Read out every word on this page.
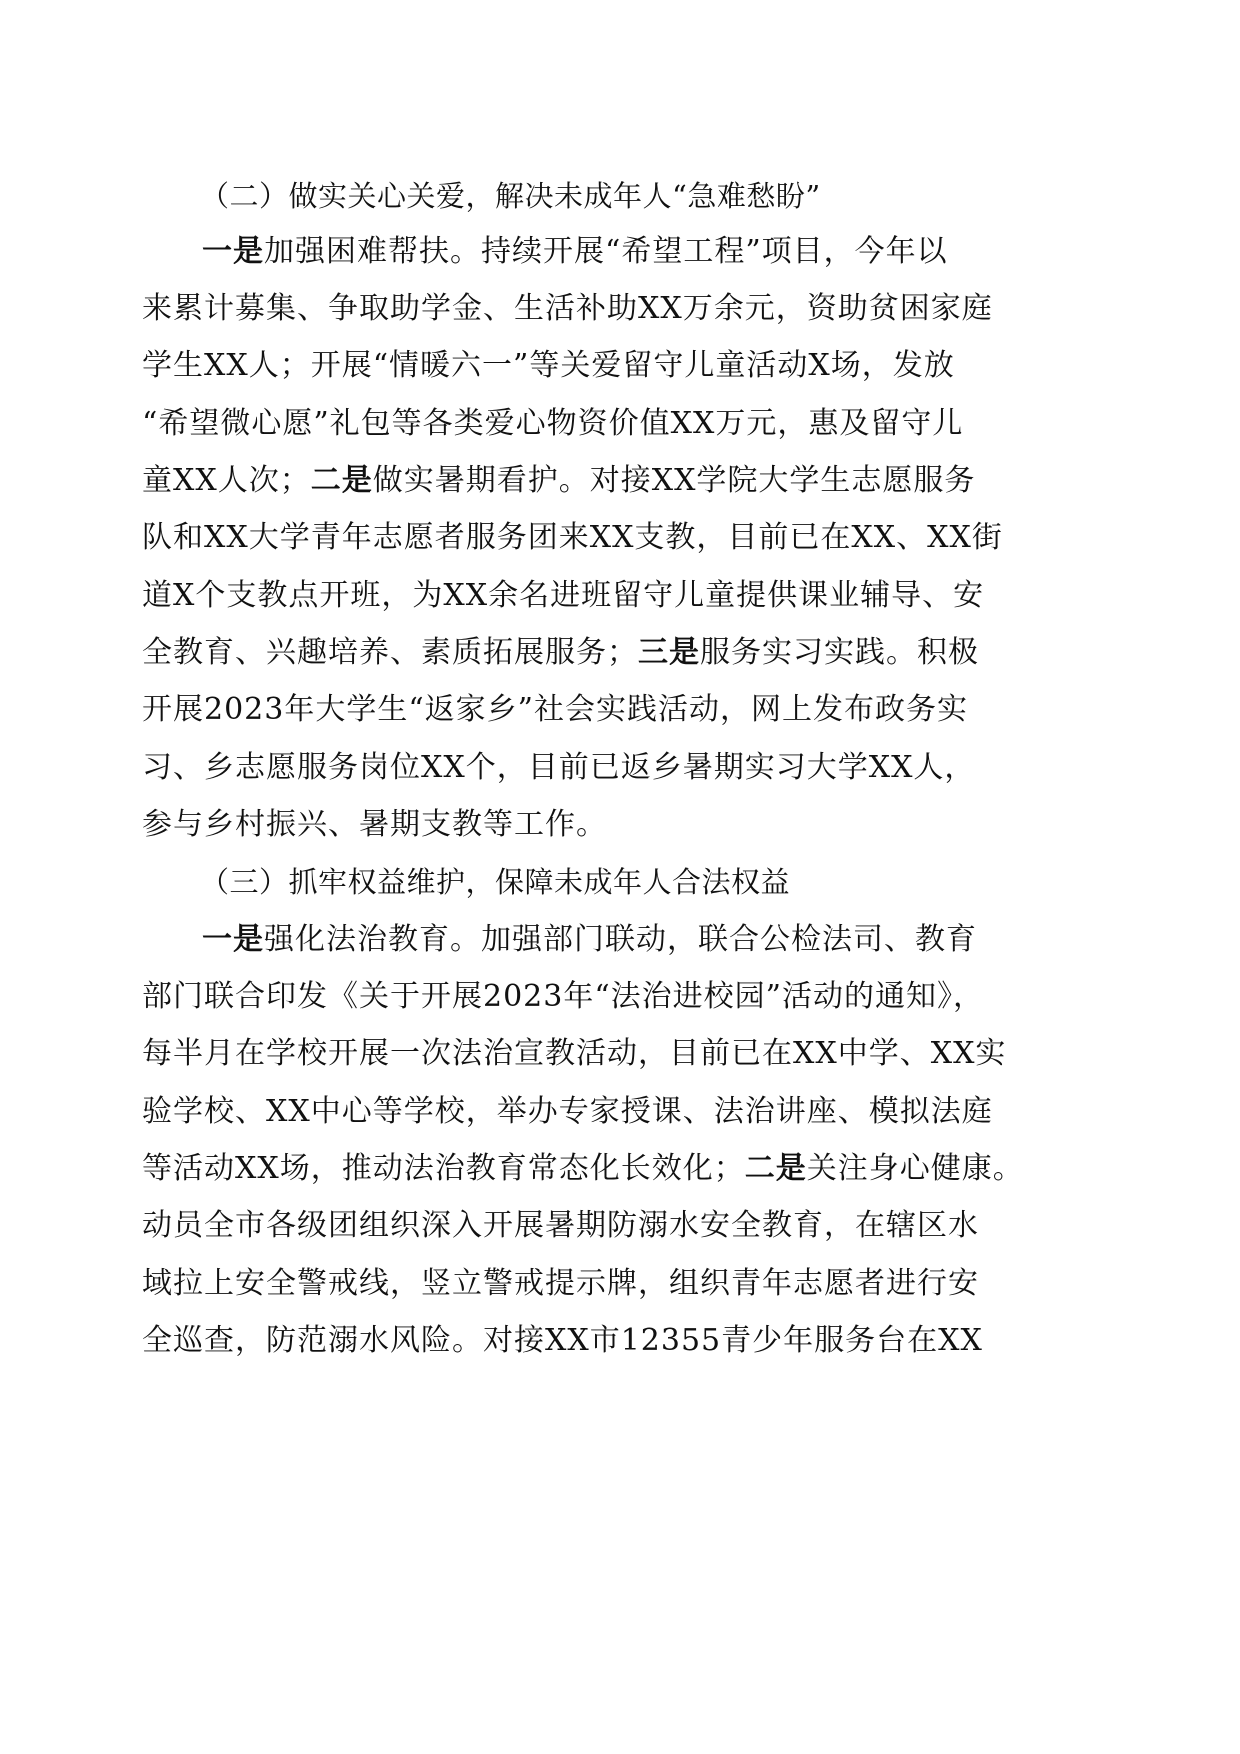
（二）做实关心关爱，解决未成年人“急难愁盼”
一是加强困难帮扶。持续开展“希望工程”项目，今年以
来累计募集、争取助学金、生活补助XX万余元，资助贫困家庭
学生XX人；开展“情暖六一”等关爱留守儿童活动X场，发放
“希望微心愿”礼包等各类爱心物资价值XX万元，惠及留守儿
童XX人次；二是做实暑期看护。对接XX学院大学生志愿服务
队和XX大学青年志愿者服务团来XX支教，目前已在XX、XX街
道X个支教点开班，为XX余名进班留守儿童提供课业辅导、安
全教育、兴趣培养、素质拓展服务；三是服务实习实践。积极
开展2023年大学生“返家乡”社会实践活动，网上发布政务实
习、乡志愿服务岗位XX个，目前已返乡暑期实习大学XX人，
参与乡村振兴、暑期支教等工作。
（三）抓牢权益维护，保障未成年人合法权益
一是强化法治教育。加强部门联动，联合公检法司、教育
部门联合印发《关于开展2023年“法治进校园”活动的通知》，
每半月在学校开展一次法治宣教活动，目前已在XX中学、XX实
验学校、XX中心等学校，举办专家授课、法治讲座、模拟法庭
等活动XX场，推动法治教育常态化长效化；二是关注身心健康。
动员全市各级团组织深入开展暑期防溺水安全教育，在辖区水
域拉上安全警戒线，竖立警戒提示牌，组织青年志愿者进行安
全巡查，防范溺水风险。对接XX市12355青少年服务台在XX
